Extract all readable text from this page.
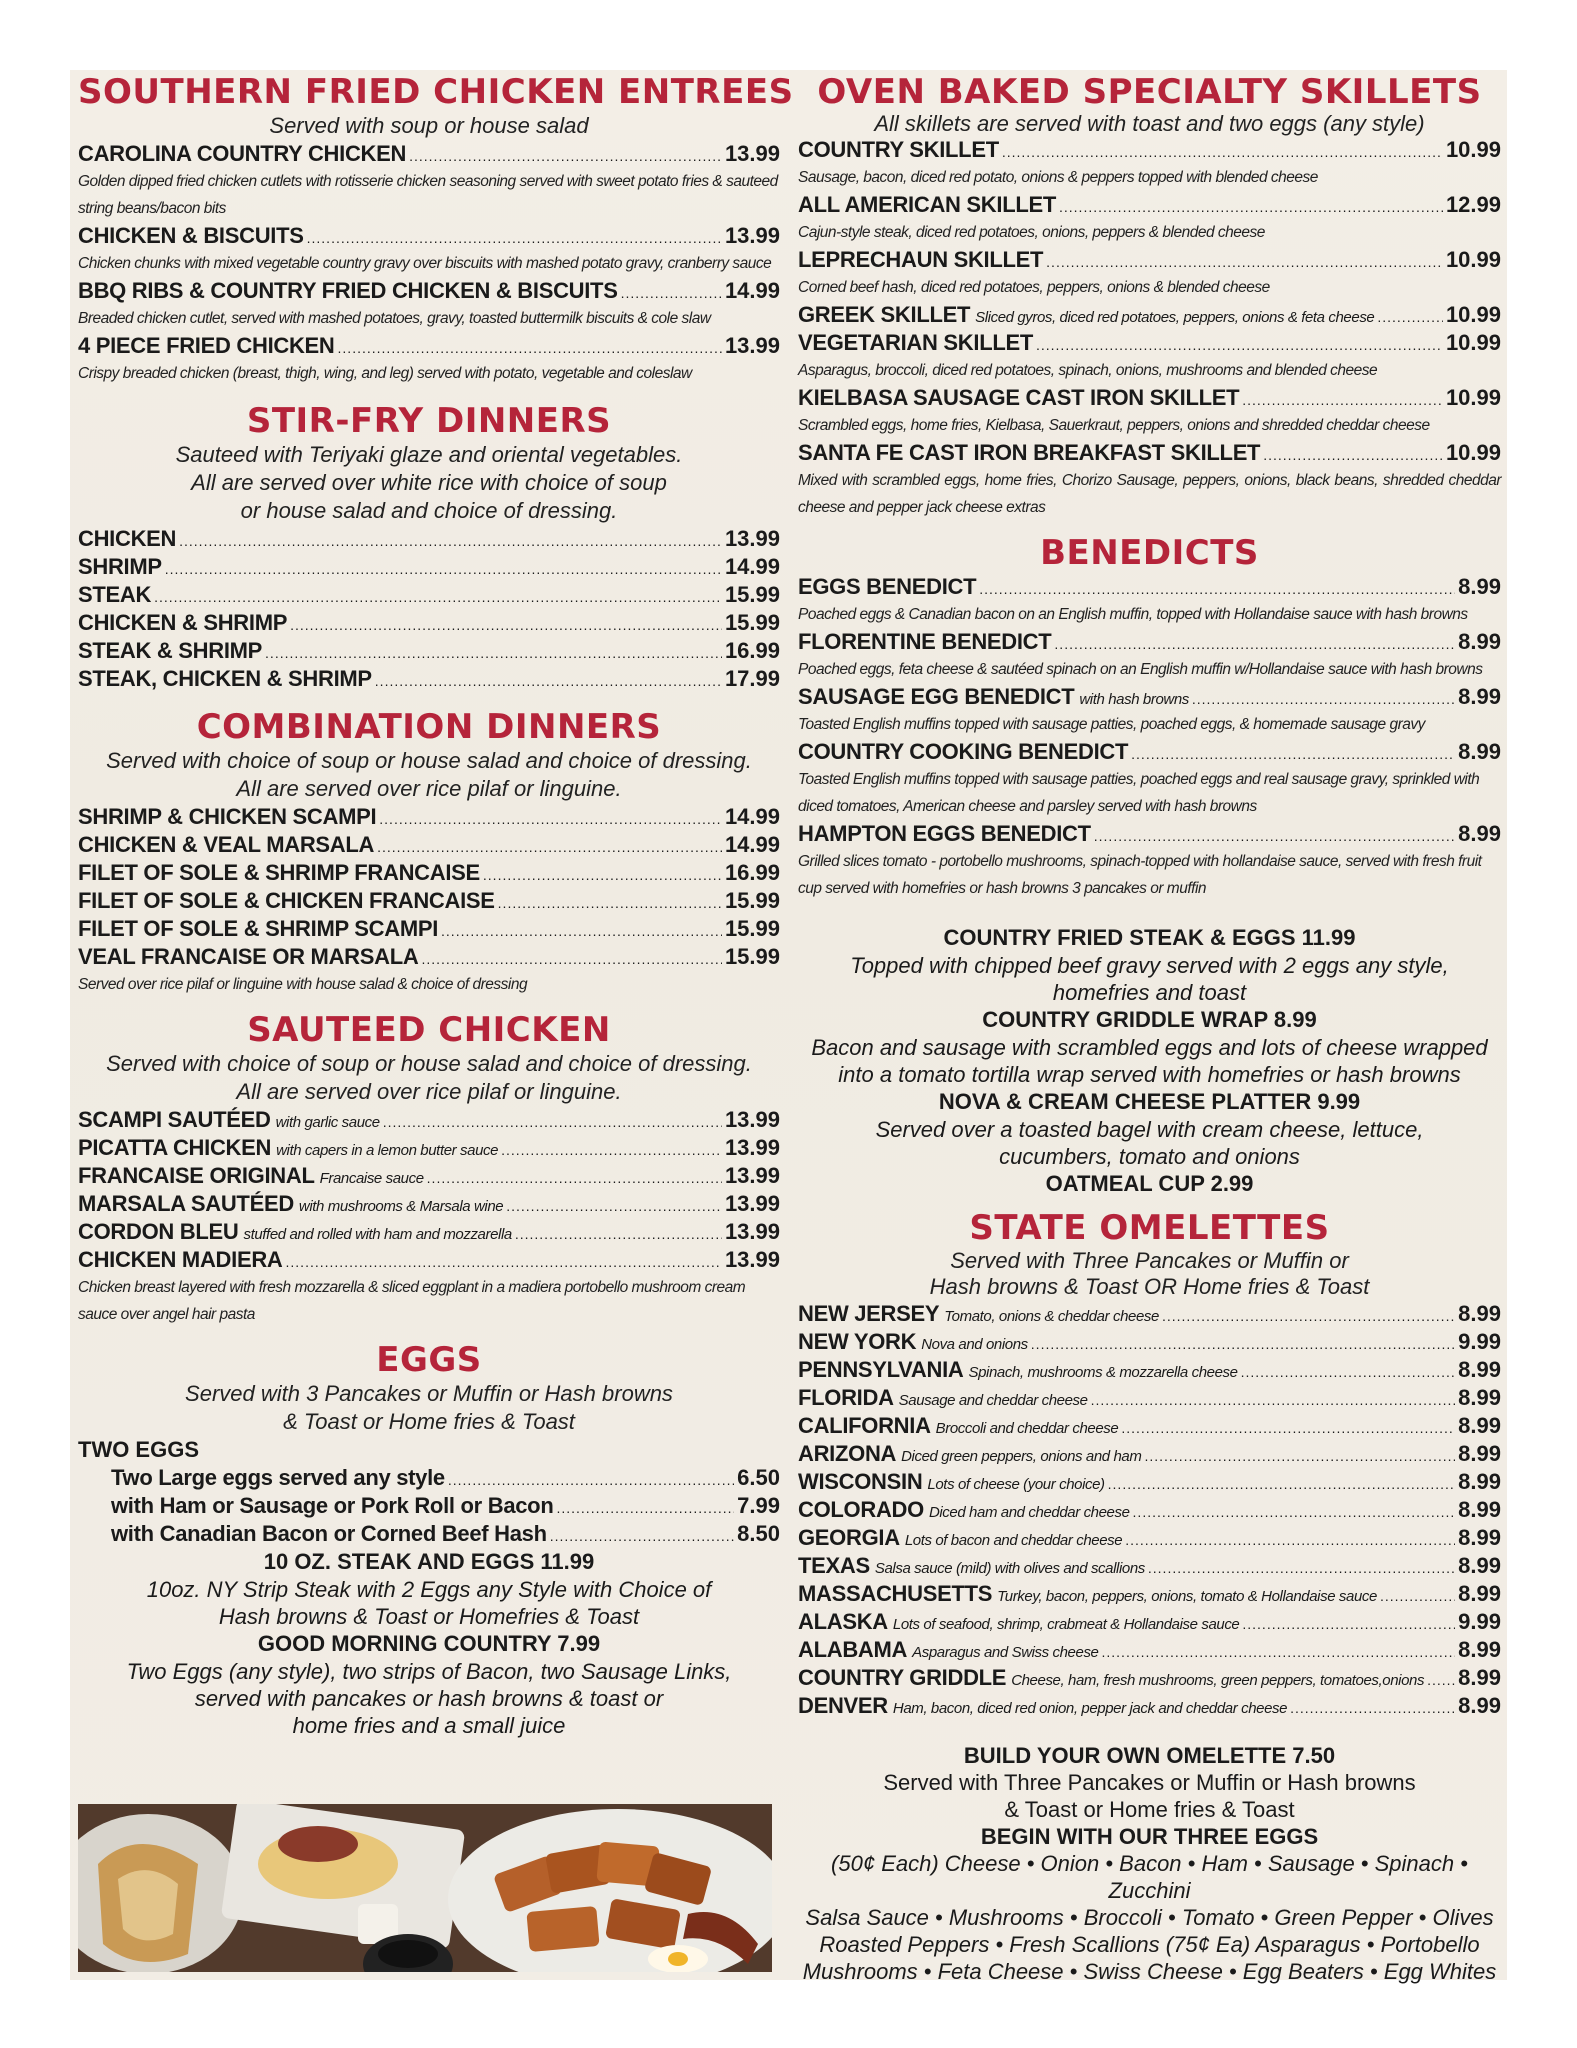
SOUTHERN FRIED CHICKEN ENTREES
Served with soup or house salad
CAROLINA COUNTRY CHICKEN .....	13.99
Golden dipped fried chicken cutlets with rotisserie chicken seasoning served with sweet potato fries & sauteed string beans/bacon bits
CHICKEN & BISCUITS .....	13.99
Chicken chunks with mixed vegetable country gravy over biscuits with mashed potato gravy, cranberry sauce
BBQ RIBS & COUNTRY FRIED CHICKEN & BISCUITS .....	14.99
Breaded chicken cutlet, served with mashed potatoes, gravy, toasted buttermilk biscuits & cole slaw
4 PIECE FRIED CHICKEN .....	13.99
Crispy breaded chicken (breast, thigh, wing, and leg) served with potato, vegetable and coleslaw
STIR-FRY DINNERS
Sauteed with Teriyaki glaze and oriental vegetables.
All are served over white rice with choice of soup
or house salad and choice of dressing.
CHICKEN .....	13.99
SHRIMP .....	14.99
STEAK .....	15.99
CHICKEN & SHRIMP .....	15.99
STEAK & SHRIMP .....	16.99
STEAK, CHICKEN & SHRIMP .....	17.99
COMBINATION DINNERS
Served with choice of soup or house salad and choice of dressing.
All are served over rice pilaf or linguine.
SHRIMP & CHICKEN SCAMPI .....	14.99
CHICKEN & VEAL MARSALA .....	14.99
FILET OF SOLE & SHRIMP FRANCAISE .....	16.99
FILET OF SOLE & CHICKEN FRANCAISE .....	15.99
FILET OF SOLE & SHRIMP SCAMPI .....	15.99
VEAL FRANCAISE OR MARSALA .....	15.99
Served over rice pilaf or linguine with house salad & choice of dressing
SAUTEED CHICKEN
Served with choice of soup or house salad and choice of dressing.
All are served over rice pilaf or linguine.
SCAMPI SAUTÉED with garlic sauce .....	13.99
PICATTA CHICKEN with capers in a lemon butter sauce .....	13.99
FRANCAISE ORIGINAL Francaise sauce .....	13.99
MARSALA SAUTÉED with mushrooms & Marsala wine .....	13.99
CORDON BLEU stuffed and rolled with ham and mozzarella .....	13.99
CHICKEN MADIERA .....	13.99
Chicken breast layered with fresh mozzarella & sliced eggplant in a madiera portobello mushroom cream sauce over angel hair pasta
EGGS
Served with 3 Pancakes or Muffin or Hash browns
& Toast or Home fries & Toast
TWO EGGS
Two Large eggs served any style .....	6.50
with Ham or Sausage or Pork Roll or Bacon .....	7.99
with Canadian Bacon or Corned Beef Hash .....	8.50
10 OZ. STEAK AND EGGS 11.99
10oz. NY Strip Steak with 2 Eggs any Style with Choice of
Hash browns & Toast or Homefries & Toast
GOOD MORNING COUNTRY 7.99
Two Eggs (any style), two strips of Bacon, two Sausage Links,
served with pancakes or hash browns & toast or
home fries and a small juice
OVEN BAKED SPECIALTY SKILLETS
All skillets are served with toast and two eggs (any style)
COUNTRY SKILLET .....	10.99
Sausage, bacon, diced red potato, onions & peppers topped with blended cheese
ALL AMERICAN SKILLET .....	12.99
Cajun-style steak, diced red potatoes, onions, peppers & blended cheese
LEPRECHAUN SKILLET .....	10.99
Corned beef hash, diced red potatoes, peppers, onions & blended cheese
GREEK SKILLET Sliced gyros, diced red potatoes, peppers, onions & feta cheese .....	10.99
VEGETARIAN SKILLET .....	10.99
Asparagus, broccoli, diced red potatoes, spinach, onions, mushrooms and blended cheese
KIELBASA SAUSAGE CAST IRON SKILLET .....	10.99
Scrambled eggs, home fries, Kielbasa, Sauerkraut, peppers, onions and shredded cheddar cheese
SANTA FE CAST IRON BREAKFAST SKILLET .....	10.99
Mixed with scrambled eggs, home fries, Chorizo Sausage, peppers, onions, black beans, shredded cheddar cheese and pepper jack cheese extras
BENEDICTS
EGGS BENEDICT .....	8.99
Poached eggs & Canadian bacon on an English muffin, topped with Hollandaise sauce with hash browns
FLORENTINE BENEDICT .....	8.99
Poached eggs, feta cheese & sautéed spinach on an English muffin w/Hollandaise sauce with hash browns
SAUSAGE EGG BENEDICT with hash browns .....	8.99
Toasted English muffins topped with sausage patties, poached eggs, & homemade sausage gravy
COUNTRY COOKING BENEDICT .....	8.99
Toasted English muffins topped with sausage patties, poached eggs and real sausage gravy, sprinkled with diced tomatoes, American cheese and parsley served with hash browns
HAMPTON EGGS BENEDICT .....	8.99
Grilled slices tomato - portobello mushrooms, spinach-topped with hollandaise sauce, served with fresh fruit cup served with homefries or hash browns 3 pancakes or muffin
COUNTRY FRIED STEAK & EGGS 11.99
Topped with chipped beef gravy served with 2 eggs any style,
homefries and toast
COUNTRY GRIDDLE WRAP 8.99
Bacon and sausage with scrambled eggs and lots of cheese wrapped
into a tomato tortilla wrap served with homefries or hash browns
NOVA & CREAM CHEESE PLATTER 9.99
Served over a toasted bagel with cream cheese, lettuce,
cucumbers, tomato and onions
OATMEAL CUP 2.99
STATE OMELETTES
Served with Three Pancakes or Muffin or
Hash browns & Toast OR Home fries & Toast
NEW JERSEY Tomato, onions & cheddar cheese .....	8.99
NEW YORK Nova and onions .....	9.99
PENNSYLVANIA Spinach, mushrooms & mozzarella cheese .....	8.99
FLORIDA Sausage and cheddar cheese .....	8.99
CALIFORNIA Broccoli and cheddar cheese .....	8.99
ARIZONA Diced green peppers, onions and ham .....	8.99
WISCONSIN Lots of cheese (your choice) .....	8.99
COLORADO Diced ham and cheddar cheese .....	8.99
GEORGIA Lots of bacon and cheddar cheese .....	8.99
TEXAS Salsa sauce (mild) with olives and scallions .....	8.99
MASSACHUSETTS Turkey, bacon, peppers, onions, tomato & Hollandaise sauce .....	8.99
ALASKA Lots of seafood, shrimp, crabmeat & Hollandaise sauce .....	9.99
ALABAMA Asparagus and Swiss cheese .....	8.99
COUNTRY GRIDDLE Cheese, ham, fresh mushrooms, green peppers, tomatoes,onions ..... 8.99
DENVER Ham, bacon, diced red onion, pepper jack and cheddar cheese .....	8.99
BUILD YOUR OWN OMELETTE 7.50
Served with Three Pancakes or Muffin or Hash browns
& Toast or Home fries & Toast
BEGIN WITH OUR THREE EGGS
(50¢ Each) Cheese • Onion • Bacon • Ham • Sausage • Spinach • Zucchini
Salsa Sauce • Mushrooms • Broccoli • Tomato • Green Pepper • Olives
Roasted Peppers • Fresh Scallions (75¢ Ea) Asparagus • Portobello
Mushrooms • Feta Cheese • Swiss Cheese • Egg Beaters • Egg Whites
